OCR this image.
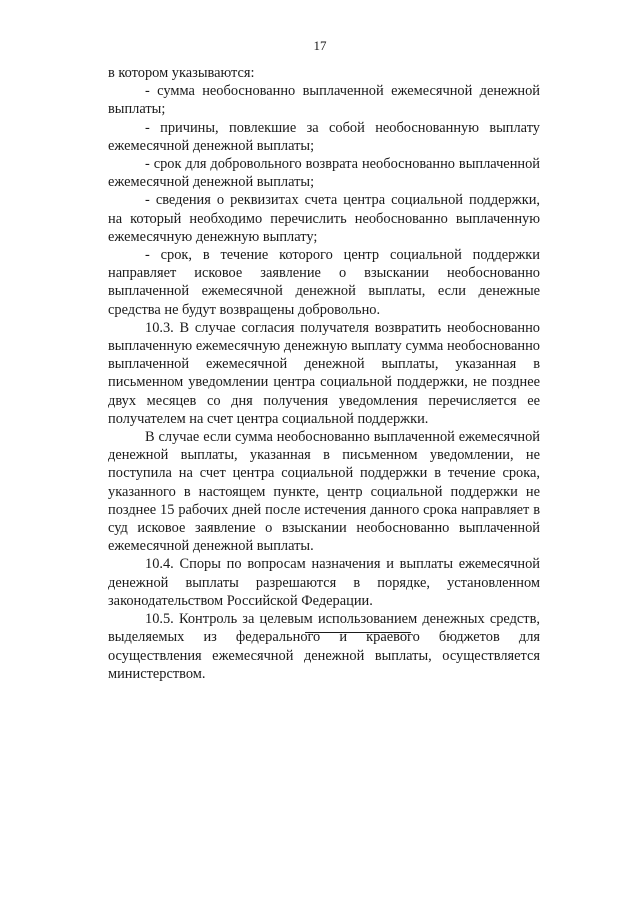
17

в котором указываются:

- сумма необоснованно выплаченной ежемесячной денежной выплаты;

- причины, повлекшие за собой необоснованную выплату ежемесячной денежной выплаты;

- срок для добровольного возврата необоснованно выплаченной ежемесячной денежной выплаты;

- сведения о реквизитах счета центра социальной поддержки, на который необходимо перечислить необоснованно выплаченную ежемесячную денежную выплату;

- срок, в течение которого центр социальной поддержки направляет исковое заявление о взыскании необоснованно выплаченной ежемесячной денежной выплаты, если денежные средства не будут возвращены добровольно.

10.3. В случае согласия получателя возвратить необоснованно выплаченную ежемесячную денежную выплату сумма необоснованно выплаченной ежемесячной денежной выплаты, указанная в письменном уведомлении центра социальной поддержки, не позднее двух месяцев со дня получения уведомления перечисляется ее получателем на счет центра социальной поддержки.

В случае если сумма необоснованно выплаченной ежемесячной денежной выплаты, указанная в письменном уведомлении, не поступила на счет центра социальной поддержки в течение срока, указанного в настоящем пункте, центр социальной поддержки не позднее 15 рабочих дней после истечения данного срока направляет в суд исковое заявление о взыскании необоснованно выплаченной ежемесячной денежной выплаты.

10.4. Споры по вопросам назначения и выплаты ежемесячной денежной выплаты разрешаются в порядке, установленном законодательством Российской Федерации.

10.5. Контроль за целевым использованием денежных средств, выделяемых из федерального и краевого бюджетов для осуществления ежемесячной денежной выплаты, осуществляется министерством.
